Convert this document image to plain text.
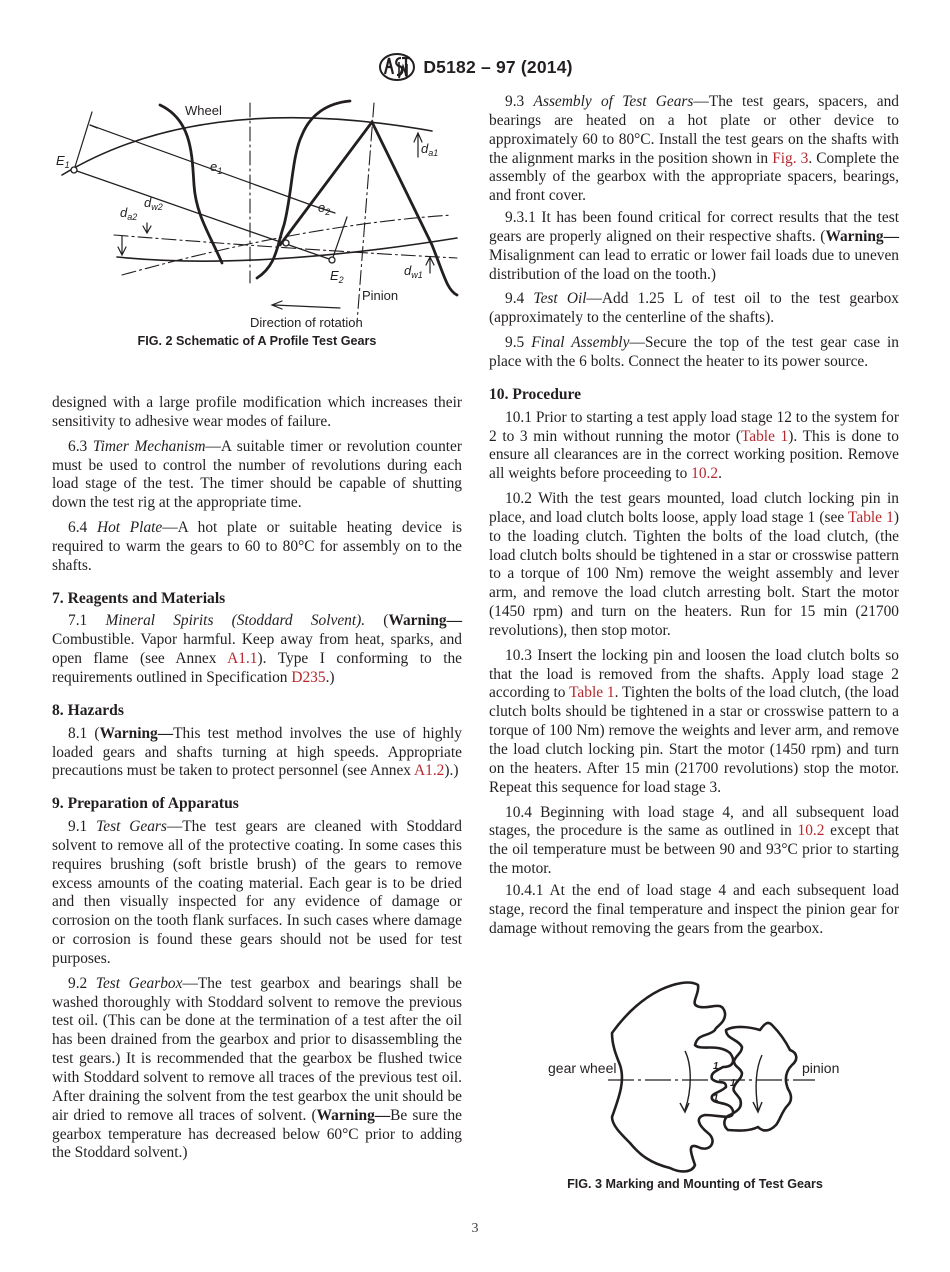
D5182 – 97 (2014)
Wheel
Pinion
Direction of rotation
$E_1$
$E_2$
$e_1$
$e_2$
$d_{a1}$
$d_{a2}$
$d_{w2}$
$d_{w1}$
FIG. 2 Schematic of A Profile Test Gears

designed with a large profile modification which increases their sensitivity to adhesive wear modes of failure.

6.3 Timer Mechanism—A suitable timer or revolution counter must be used to control the number of revolutions during each load stage of the test. The timer should be capable of shutting down the test rig at the appropriate time.

6.4 Hot Plate—A hot plate or suitable heating device is required to warm the gears to 60 to 80°C for assembly on to the shafts.

7. Reagents and Materials

7.1 Mineral Spirits (Stoddard Solvent). (Warning—Combustible. Vapor harmful. Keep away from heat, sparks, and open flame (see Annex A1.1). Type I conforming to the requirements outlined in Specification D235.)

8. Hazards

8.1 (Warning—This test method involves the use of highly loaded gears and shafts turning at high speeds. Appropriate precautions must be taken to protect personnel (see Annex A1.2).)

9. Preparation of Apparatus

9.1 Test Gears—The test gears are cleaned with Stoddard solvent to remove all of the protective coating. In some cases this requires brushing (soft bristle brush) of the gears to remove excess amounts of the coating material. Each gear is to be dried and then visually inspected for any evidence of damage or corrosion on the tooth flank surfaces. In such cases where damage or corrosion is found these gears should not be used for test purposes.

9.2 Test Gearbox—The test gearbox and bearings shall be washed thoroughly with Stoddard solvent to remove the previous test oil. (This can be done at the termination of a test after the oil has been drained from the gearbox and prior to disassembling the test gears.) It is recommended that the gearbox be flushed twice with Stoddard solvent to remove all traces of the previous test oil. After draining the solvent from the test gearbox the unit should be air dried to remove all traces of solvent. (Warning—Be sure the gearbox temperature has decreased below 60°C prior to adding the Stoddard solvent.)

9.3 Assembly of Test Gears—The test gears, spacers, and bearings are heated on a hot plate or other device to approximately 60 to 80°C. Install the test gears on the shafts with the alignment marks in the position shown in Fig. 3. Complete the assembly of the gearbox with the appropriate spacers, bearings, and front cover.

9.3.1 It has been found critical for correct results that the test gears are properly aligned on their respective shafts. (Warning—Misalignment can lead to erratic or lower fail loads due to uneven distribution of the load on the tooth.)

9.4 Test Oil—Add 1.25 L of test oil to the test gearbox (approximately to the centerline of the shafts).

9.5 Final Assembly—Secure the top of the test gear case in place with the 6 bolts. Connect the heater to its power source.

10. Procedure

10.1 Prior to starting a test apply load stage 12 to the system for 2 to 3 min without running the motor (Table 1). This is done to ensure all clearances are in the correct working position. Remove all weights before proceeding to 10.2.

10.2 With the test gears mounted, load clutch locking pin in place, and load clutch bolts loose, apply load stage 1 (see Table 1) to the loading clutch. Tighten the bolts of the load clutch, (the load clutch bolts should be tightened in a star or crosswise pattern to a torque of 100 Nm) remove the weight assembly and lever arm, and remove the load clutch arresting bolt. Start the motor (1450 rpm) and turn on the heaters. Run for 15 min (21700 revolutions), then stop motor.

10.3 Insert the locking pin and loosen the load clutch bolts so that the load is removed from the shafts. Apply load stage 2 according to Table 1. Tighten the bolts of the load clutch, (the load clutch bolts should be tightened in a star or crosswise pattern to a torque of 100 Nm) remove the weights and lever arm, and remove the load clutch locking pin. Start the motor (1450 rpm) and turn on the heaters. After 15 min (21700 revolutions) stop the motor. Repeat this sequence for load stage 3.

10.4 Beginning with load stage 4, and all subsequent load stages, the procedure is the same as outlined in 10.2 except that the oil temperature must be between 90 and 93°C prior to starting the motor.

10.4.1 At the end of load stage 4 and each subsequent load stage, record the final temperature and inspect the pinion gear for damage without removing the gears from the gearbox.

1
1
1
gear wheel	pinion
FIG. 3 Marking and Mounting of Test Gears
3
